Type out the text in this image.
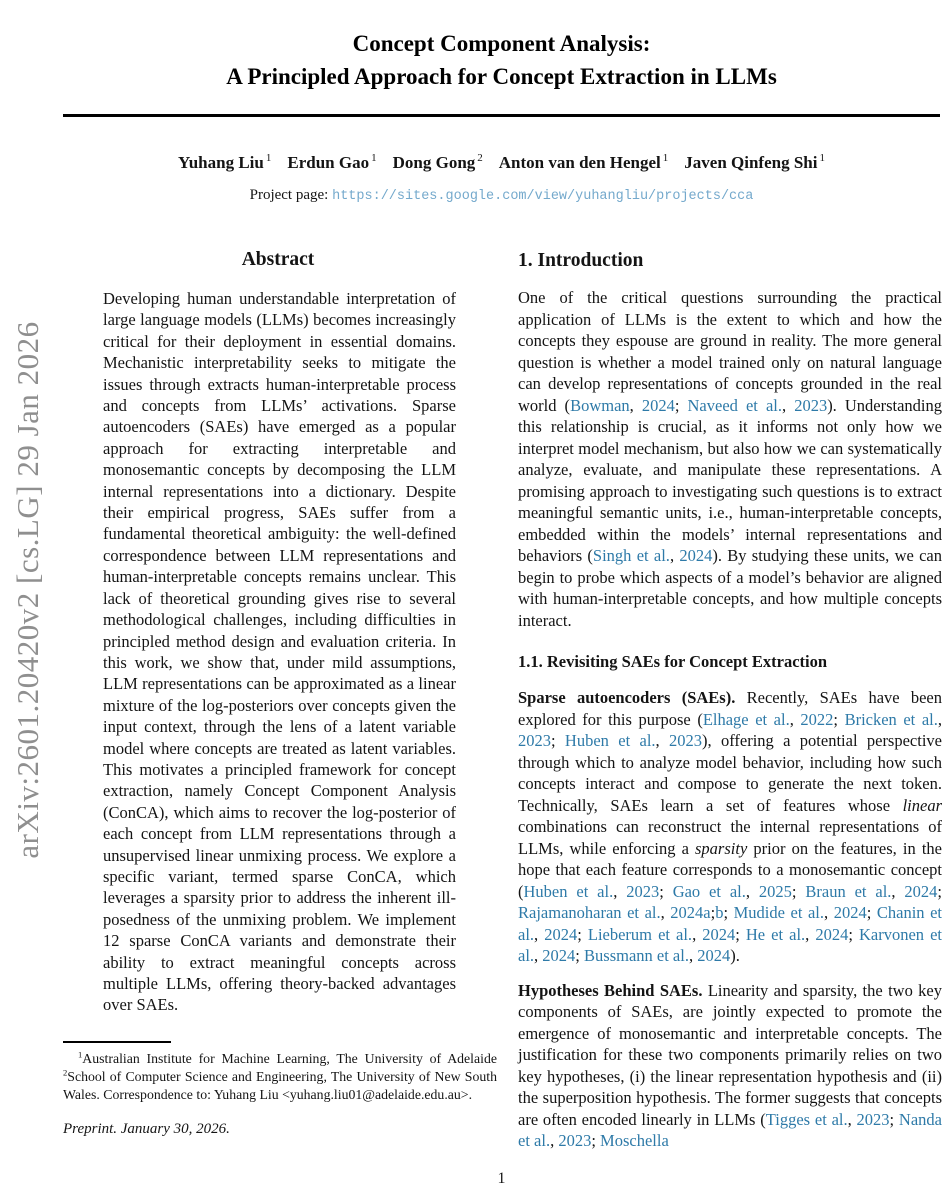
arXiv:2601.20420v2 [cs.LG] 29 Jan 2026
Concept Component Analysis:
A Principled Approach for Concept Extraction in LLMs
Yuhang Liu $^1$ Erdun Gao $^1$ Dong Gong $^2$ Anton van den Hengel $^1$ Javen Qinfeng Shi $^1$
Project page: https://sites.google.com/view/yuhangliu/projects/cca
Abstract
Developing human understandable interpretation of large language models (LLMs) becomes increasingly critical for their deployment in essential domains. Mechanistic interpretability seeks to mitigate the issues through extracts human-interpretable process and concepts from LLMs’ activations. Sparse autoencoders (SAEs) have emerged as a popular approach for extracting interpretable and monosemantic concepts by decomposing the LLM internal representations into a dictionary. Despite their empirical progress, SAEs suffer from a fundamental theoretical ambiguity: the well-defined correspondence between LLM representations and human-interpretable concepts remains unclear. This lack of theoretical grounding gives rise to several methodological challenges, including difficulties in principled method design and evaluation criteria. In this work, we show that, under mild assumptions, LLM representations can be approximated as a linear mixture of the log-posteriors over concepts given the input context, through the lens of a latent variable model where concepts are treated as latent variables. This motivates a principled framework for concept extraction, namely Concept Component Analysis (ConCA), which aims to recover the log-posterior of each concept from LLM representations through a unsupervised linear unmixing process. We explore a specific variant, termed sparse ConCA, which leverages a sparsity prior to address the inherent ill-posedness of the unmixing problem. We implement 12 sparse ConCA variants and demonstrate their ability to extract meaningful concepts across multiple LLMs, offering theory-backed advantages over SAEs.
1. Introduction

One of the critical questions surrounding the practical application of LLMs is the extent to which and how the concepts they espouse are ground in reality. The more general question is whether a model trained only on natural language can develop representations of concepts grounded in the real world (Bowman, 2024; Naveed et al., 2023). Understanding this relationship is crucial, as it informs not only how we interpret model mechanism, but also how we can systematically analyze, evaluate, and manipulate these representations. A promising approach to investigating such questions is to extract meaningful semantic units, i.e., human-interpretable concepts, embedded within the models’ internal representations and behaviors (Singh et al., 2024). By studying these units, we can begin to probe which aspects of a model’s behavior are aligned with human-interpretable concepts, and how multiple concepts interact.

1.1. Revisiting SAEs for Concept Extraction

Sparse autoencoders (SAEs). Recently, SAEs have been explored for this purpose (Elhage et al., 2022; Bricken et al., 2023; Huben et al., 2023), offering a potential perspective through which to analyze model behavior, including how such concepts interact and compose to generate the next token. Technically, SAEs learn a set of features whose linear combinations can reconstruct the internal representations of LLMs, while enforcing a sparsity prior on the features, in the hope that each feature corresponds to a monosemantic concept (Huben et al., 2023; Gao et al., 2025; Braun et al., 2024; Rajamanoharan et al., 2024a;b; Mudide et al., 2024; Chanin et al., 2024; Lieberum et al., 2024; He et al., 2024; Karvonen et al., 2024; Bussmann et al., 2024).

Hypotheses Behind SAEs. Linearity and sparsity, the two key components of SAEs, are jointly expected to promote the emergence of monosemantic and interpretable concepts. The justification for these two components primarily relies on two key hypotheses, (i) the linear representation hypothesis and (ii) the superposition hypothesis. The former suggests that concepts are often encoded linearly in LLMs (Tigges et al., 2023; Nanda et al., 2023; Moschella

$^1$Australian Institute for Machine Learning, The University of Adelaide $^2$School of Computer Science and Engineering, The University of New South Wales. Correspondence to: Yuhang Liu <yuhang.liu01@adelaide.edu.au>.
Preprint. January 30, 2026.
1
